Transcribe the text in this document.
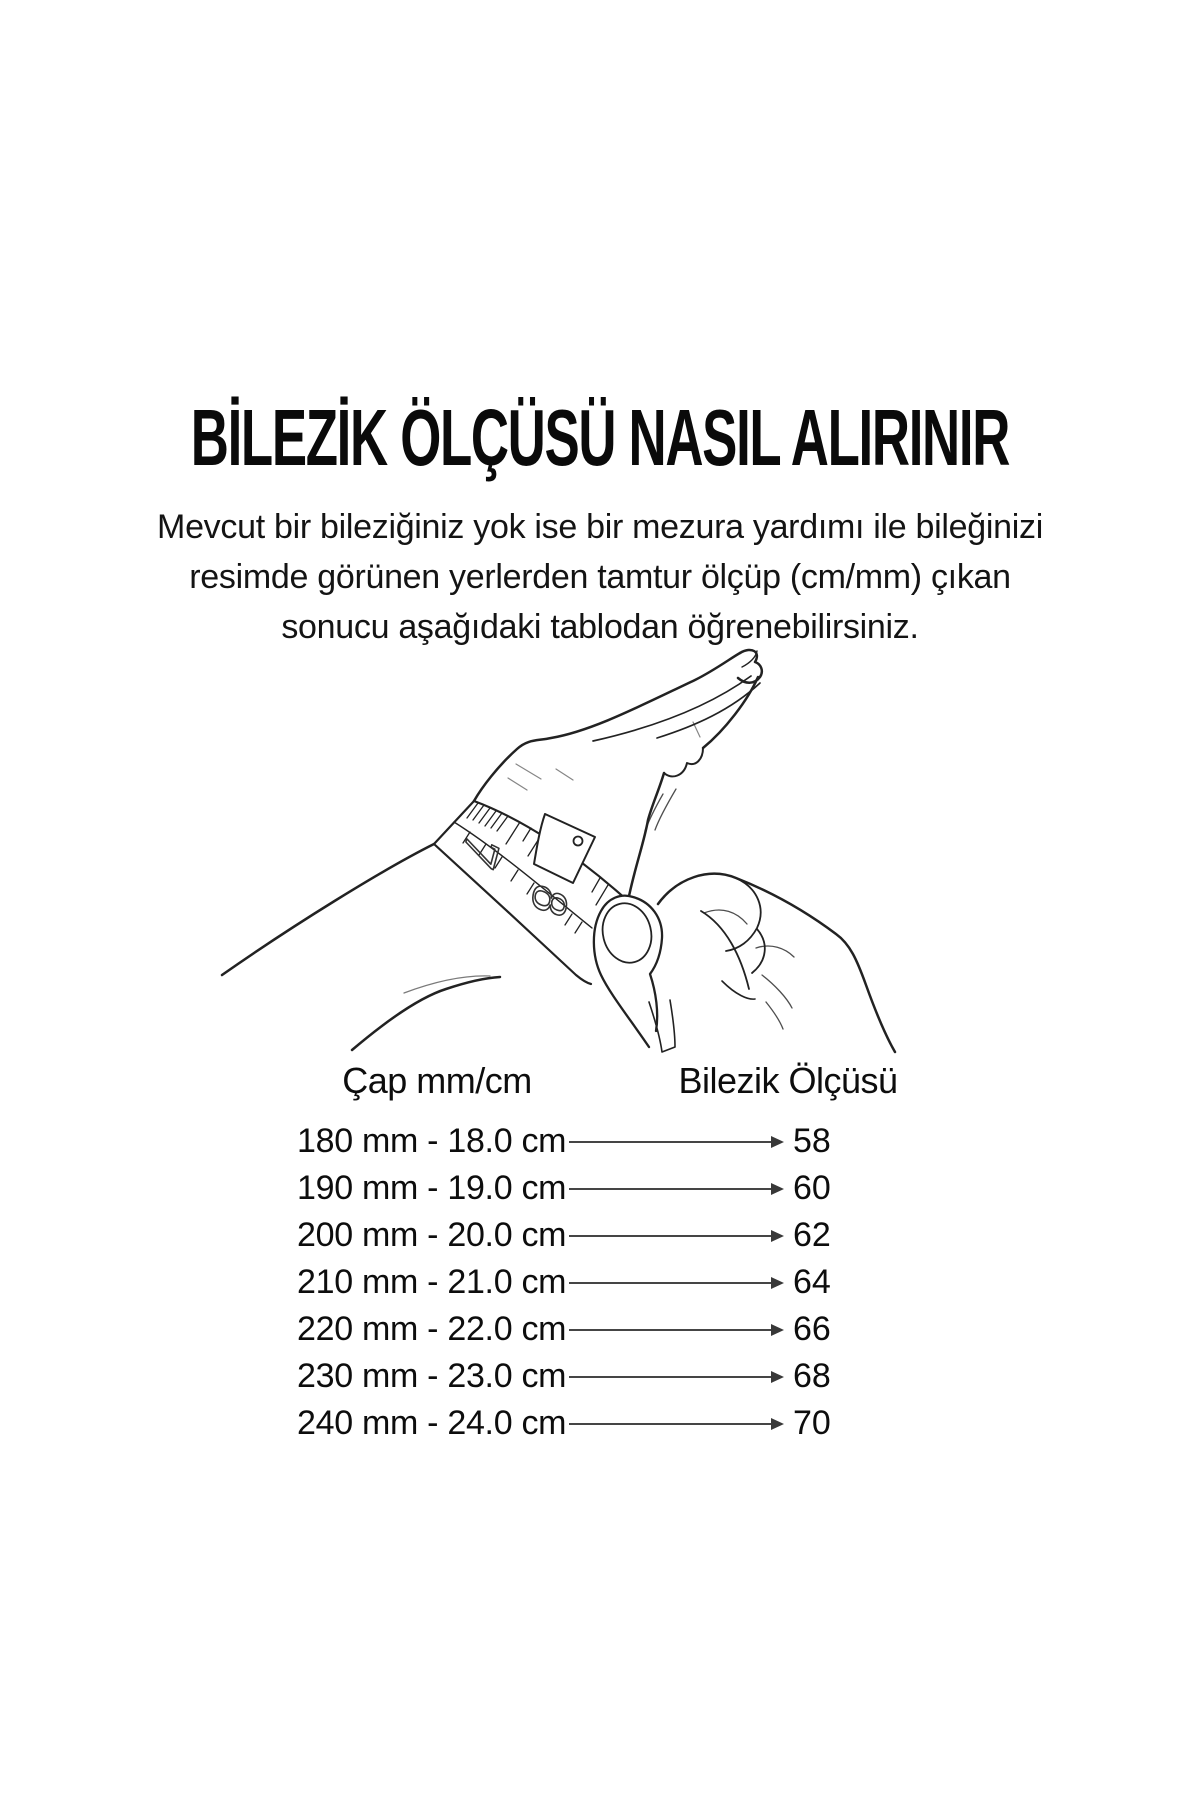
BİLEZİK ÖLÇÜSÜ NASIL ALIRINIR
Mevcut bir bileziğiniz yok ise bir mezura yardımı ile bileğinizi
resimde görünen yerlerden tamtur ölçüp (cm/mm) çıkan
sonucu aşağıdaki tablodan öğrenebilirsiniz.
7
8
Çap mm/cm	Bilezik Ölçüsü
180 mm - 18.0 cm	58
190 mm - 19.0 cm	60
200 mm - 20.0 cm	62
210 mm - 21.0 cm	64
220 mm - 22.0 cm	66
230 mm - 23.0 cm	68
240 mm - 24.0 cm	70
